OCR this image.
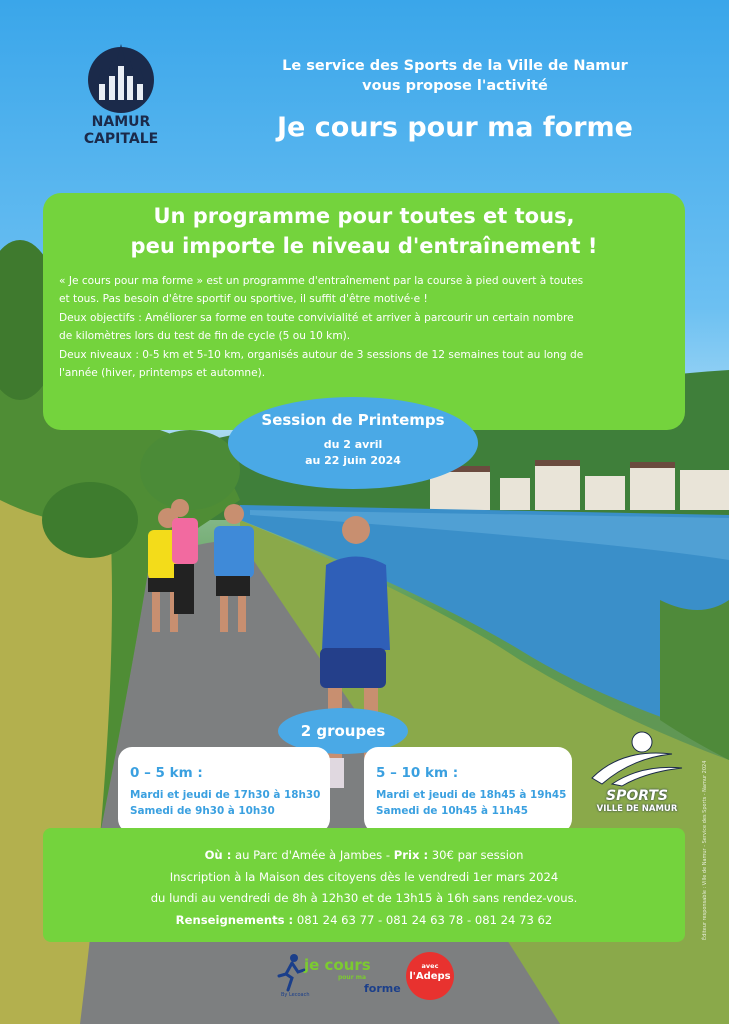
NAMUR
CAPITALE
Le service des Sports de la Ville de Namur
vous propose l'activité
Je cours pour ma forme
Un programme pour toutes et tous,
peu importe le niveau d'entraînement !

« Je cours pour ma forme » est un programme d'entraînement par la course à pied ouvert à toutes

et tous. Pas besoin d'être sportif ou sportive, il suffit d'être motivé·e !

Deux objectifs : Améliorer sa forme en toute convivialité et arriver à parcourir un certain nombre

de kilomètres lors du test de fin de cycle (5 ou 10 km).

Deux niveaux : 0-5 km et 5-10 km, organisés autour de 3 sessions de 12 semaines tout au long de

l'année (hiver, printemps et automne).

Session de Printemps
du 2 avril
au 22 juin 2024
2 groupes
0 – 5 km :
Mardi et jeudi de 17h30 à 18h30
Samedi de 9h30 à 10h30
5 – 10 km :
Mardi et jeudi de 18h45 à 19h45
Samedi de 10h45 à 11h45
SPORTS
VILLE DE NAMUR
Où : au Parc d'Amée à Jambes - Prix : 30€ par session
Inscription à la Maison des citoyens dès le vendredi 1er mars 2024
du lundi au vendredi de 8h à 12h30 et de 13h15 à 16h sans rendez-vous.
Renseignements : 081 24 63 77 - 081 24 63 78 - 081 24 73 62
je cours
pour ma
forme
By Lecoach
avec
l'Adeps
Éditeur responsable : Ville de Namur - Service des Sports - Namur 2024
